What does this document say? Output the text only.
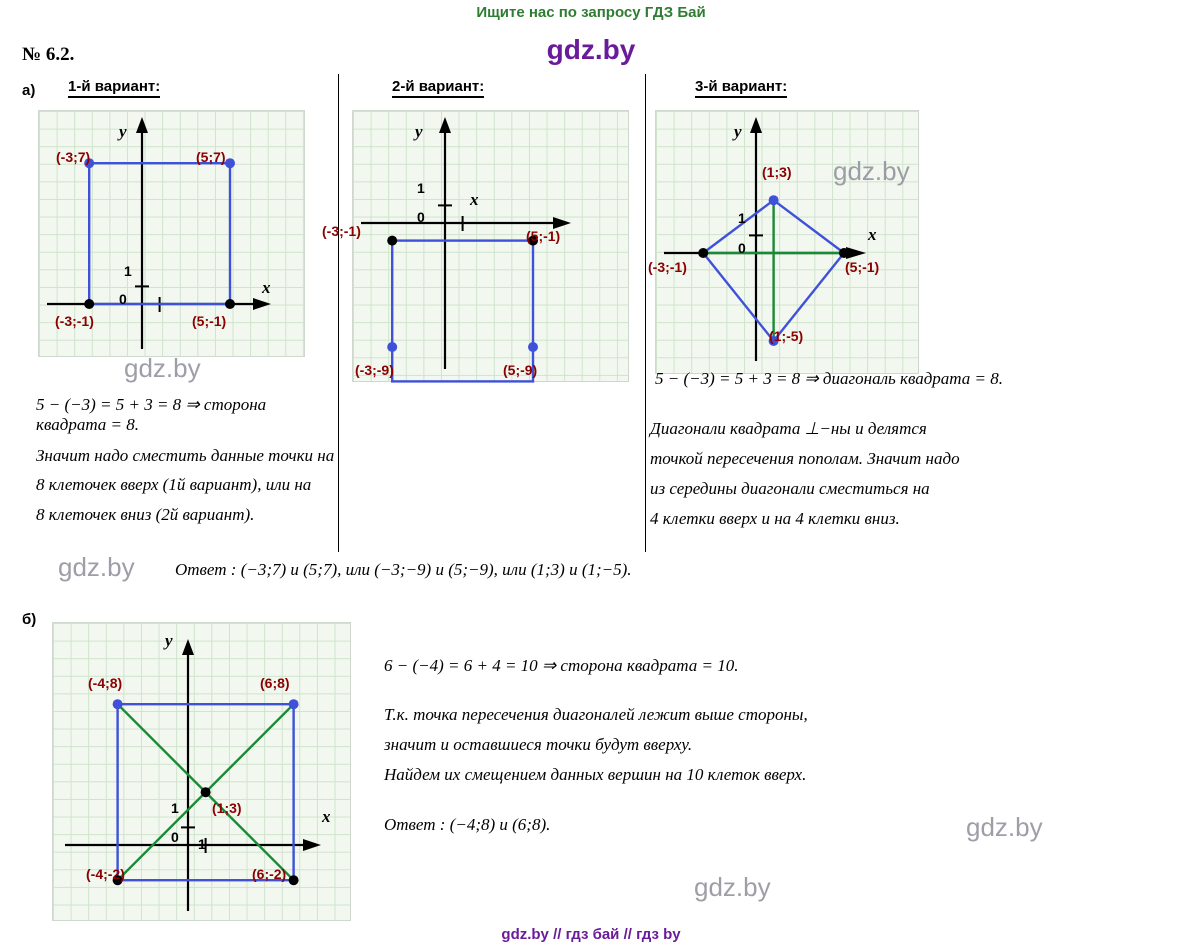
Ищите нас по запросу ГДЗ Бай
gdz.by
№ 6.2.
а) 1-й вариант:	2-й вариант:	3-й вариант:
(-3;7)	(5;7)
(-3;-1)	(5;-1)
y
x
0
1
gdz.by
(-3;-1)	(5;-1)
(-3;-9)	(5;-9)
y
x
0
1
(1;3)
(-3;-1)	(5;-1)
(1;-5)
y
x
0
1
gdz.by
5 − (−3) = 5 + 3 = 8 ⇒ сторона квадрата = 8.
Значит надо сместить данные точки на
8 клеточек вверх (1й вариант), или на
8 клеточек вниз (2й вариант).
5 − (−3) = 5 + 3 = 8 ⇒ диагональ квадрата = 8.
Диагонали квадрата ⊥−ны и делятся
точкой пересечения пополам. Значит надо
из середины диагонали сместиться на
4 клетки вверх и на 4 клетки вниз.
gdz.by Ответ : (−3;7) и (5;7), или (−3;−9) и (5;−9), или (1;3) и (1;−5).
б)
(-4;8)	(6;8)
(1;3)
(-4;-2)	(6;-2)
y
x
0 1
1
6 − (−4) = 6 + 4 = 10 ⇒ сторона квадрата = 10.
Т.к. точка пересечения диагоналей лежит выше стороны,
значит и оставшиеся точки будут вверху.
Найдем их смещением данных вершин на 10 клеток вверх.
Ответ : (−4;8) и (6;8).	gdz.by
gdz.by
gdz.by // гдз бай // гдз by
